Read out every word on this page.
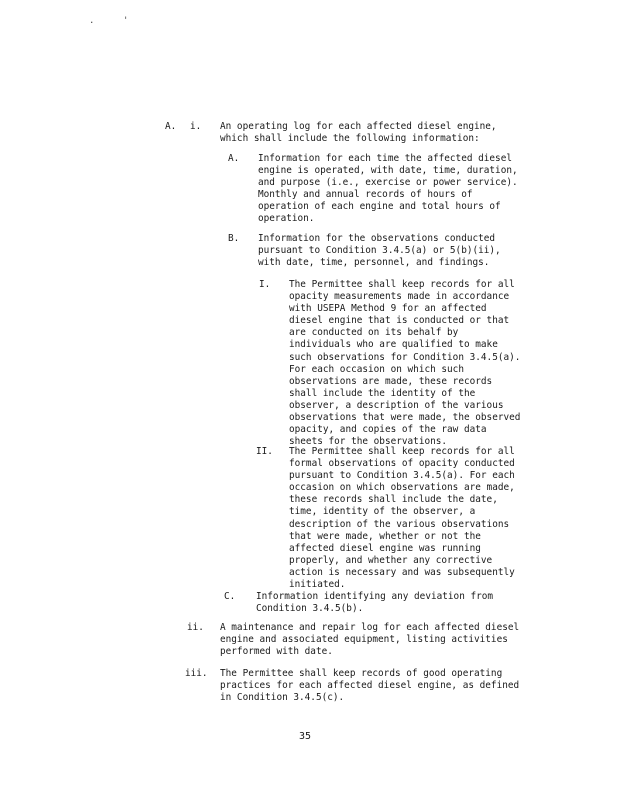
.	'
A. i. An operating log for each affected diesel engine,
which shall include the following information:
A. Information for each time the affected diesel
engine is operated, with date, time, duration,
and purpose (i.e., exercise or power service).
Monthly and annual records of hours of
operation of each engine and total hours of
operation.
B. Information for the observations conducted
pursuant to Condition 3.4.5(a) or 5(b)(ii),
with date, time, personnel, and findings.
I. The Permittee shall keep records for all
opacity measurements made in accordance
with USEPA Method 9 for an affected
diesel engine that is conducted or that
are conducted on its behalf by
individuals who are qualified to make
such observations for Condition 3.4.5(a).
For each occasion on which such
observations are made, these records
shall include the identity of the
observer, a description of the various
observations that were made, the observed
opacity, and copies of the raw data
sheets for the observations.
II. The Permittee shall keep records for all
formal observations of opacity conducted
pursuant to Condition 3.4.5(a). For each
occasion on which observations are made,
these records shall include the date,
time, identity of the observer, a
description of the various observations
that were made, whether or not the
affected diesel engine was running
properly, and whether any corrective
action is necessary and was subsequently
initiated.
C. Information identifying any deviation from
Condition 3.4.5(b).
ii. A maintenance and repair log for each affected diesel
engine and associated equipment, listing activities
performed with date.
iii. The Permittee shall keep records of good operating
practices for each affected diesel engine, as defined
in Condition 3.4.5(c).
35
